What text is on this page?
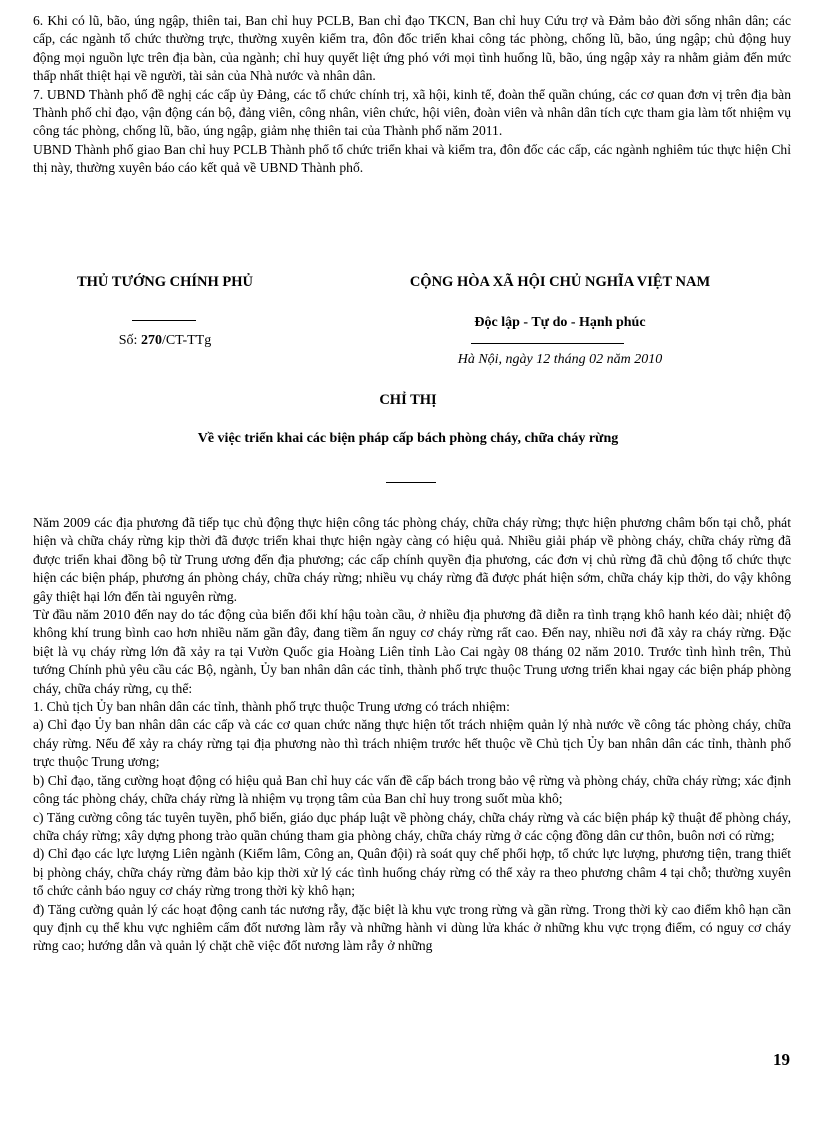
6. Khi có lũ, bão, úng ngập, thiên tai, Ban chỉ huy PCLB, Ban chỉ đạo TKCN, Ban chỉ huy Cứu trợ và Đảm bảo đời sống nhân dân; các cấp, các ngành tổ chức thường trực, thường xuyên kiểm tra, đôn đốc triển khai công tác phòng, chống lũ, bão, úng ngập; chủ động huy động mọi nguồn lực trên địa bàn, của ngành; chỉ huy quyết liệt ứng phó với mọi tình huống lũ, bão, úng ngập xảy ra nhằm giảm đến mức thấp nhất thiệt hại về người, tài sản của Nhà nước và nhân dân.

7. UBND Thành phố đề nghị các cấp ủy Đảng, các tổ chức chính trị, xã hội, kinh tế, đoàn thể quần chúng, các cơ quan đơn vị trên địa bàn Thành phố chỉ đạo, vận động cán bộ, đảng viên, công nhân, viên chức, hội viên, đoàn viên và nhân dân tích cực tham gia làm tốt nhiệm vụ công tác phòng, chống lũ, bão, úng ngập, giảm nhẹ thiên tai của Thành phố năm 2011.

UBND Thành phố giao Ban chỉ huy PCLB Thành phố tổ chức triển khai và kiểm tra, đôn đốc các cấp, các ngành nghiêm túc thực hiện Chỉ thị này, thường xuyên báo cáo kết quả về UBND Thành phố.

THỦ TƯỚNG CHÍNH PHỦ
Số: 270/CT-TTg
CỘNG HÒA XÃ HỘI CHỦ NGHĨA VIỆT NAM
Độc lập - Tự do - Hạnh phúc
Hà Nội, ngày 12 tháng 02 năm 2010
CHỈ THỊ
Về việc triển khai các biện pháp cấp bách phòng cháy, chữa cháy rừng

Năm 2009 các địa phương đã tiếp tục chủ động thực hiện công tác phòng cháy, chữa cháy rừng; thực hiện phương châm bốn tại chỗ, phát hiện và chữa cháy rừng kịp thời đã được triển khai thực hiện ngày càng có hiệu quả. Nhiều giải pháp về phòng cháy, chữa cháy rừng đã được triển khai đồng bộ từ Trung ương đến địa phương; các cấp chính quyền địa phương, các đơn vị chủ rừng đã chủ động tổ chức thực hiện các biện pháp, phương án phòng cháy, chữa cháy rừng; nhiều vụ cháy rừng đã được phát hiện sớm, chữa cháy kịp thời, do vậy không gây thiệt hại lớn đến tài nguyên rừng.

Từ đầu năm 2010 đến nay do tác động của biến đổi khí hậu toàn cầu, ở nhiều địa phương đã diễn ra tình trạng khô hanh kéo dài; nhiệt độ không khí trung bình cao hơn nhiều năm gần đây, đang tiềm ẩn nguy cơ cháy rừng rất cao. Đến nay, nhiều nơi đã xảy ra cháy rừng. Đặc biệt là vụ cháy rừng lớn đã xảy ra tại Vườn Quốc gia Hoàng Liên tỉnh Lào Cai ngày 08 tháng 02 năm 2010. Trước tình hình trên, Thủ tướng Chính phủ yêu cầu các Bộ, ngành, Ủy ban nhân dân các tỉnh, thành phố trực thuộc Trung ương triển khai ngay các biện pháp phòng cháy, chữa cháy rừng, cụ thể:

1. Chủ tịch Ủy ban nhân dân các tỉnh, thành phố trực thuộc Trung ương có trách nhiệm:

a) Chỉ đạo Ủy ban nhân dân các cấp và các cơ quan chức năng thực hiện tốt trách nhiệm quản lý nhà nước về công tác phòng cháy, chữa cháy rừng. Nếu để xảy ra cháy rừng tại địa phương nào thì trách nhiệm trước hết thuộc về Chủ tịch Ủy ban nhân dân các tỉnh, thành phố trực thuộc Trung ương;

b) Chỉ đạo, tăng cường hoạt động có hiệu quả Ban chỉ huy các vấn đề cấp bách trong bảo vệ rừng và phòng cháy, chữa cháy rừng; xác định công tác phòng cháy, chữa cháy rừng là nhiệm vụ trọng tâm của Ban chỉ huy trong suốt mùa khô;

c) Tăng cường công tác tuyên tuyền, phổ biến, giáo dục pháp luật về phòng cháy, chữa cháy rừng và các biện pháp kỹ thuật để phòng cháy, chữa cháy rừng; xây dựng phong trào quần chúng tham gia phòng cháy, chữa cháy rừng ở các cộng đồng dân cư thôn, buôn nơi có rừng;

d) Chỉ đạo các lực lượng Liên ngành (Kiểm lâm, Công an, Quân đội) rà soát quy chế phối hợp, tổ chức lực lượng, phương tiện, trang thiết bị phòng cháy, chữa cháy rừng đảm bảo kịp thời xử lý các tình huống cháy rừng có thể xảy ra theo phương châm 4 tại chỗ; thường xuyên tổ chức cảnh báo nguy cơ cháy rừng trong thời kỳ khô hạn;

đ) Tăng cường quản lý các hoạt động canh tác nương rẫy, đặc biệt là khu vực trong rừng và gần rừng. Trong thời kỳ cao điểm khô hạn cần quy định cụ thể khu vực nghiêm cấm đốt nương làm rẫy và những hành vi dùng lửa khác ở những khu vực trọng điểm, có nguy cơ cháy rừng cao; hướng dẫn và quản lý chặt chẽ việc đốt nương làm rẫy ở những

19
